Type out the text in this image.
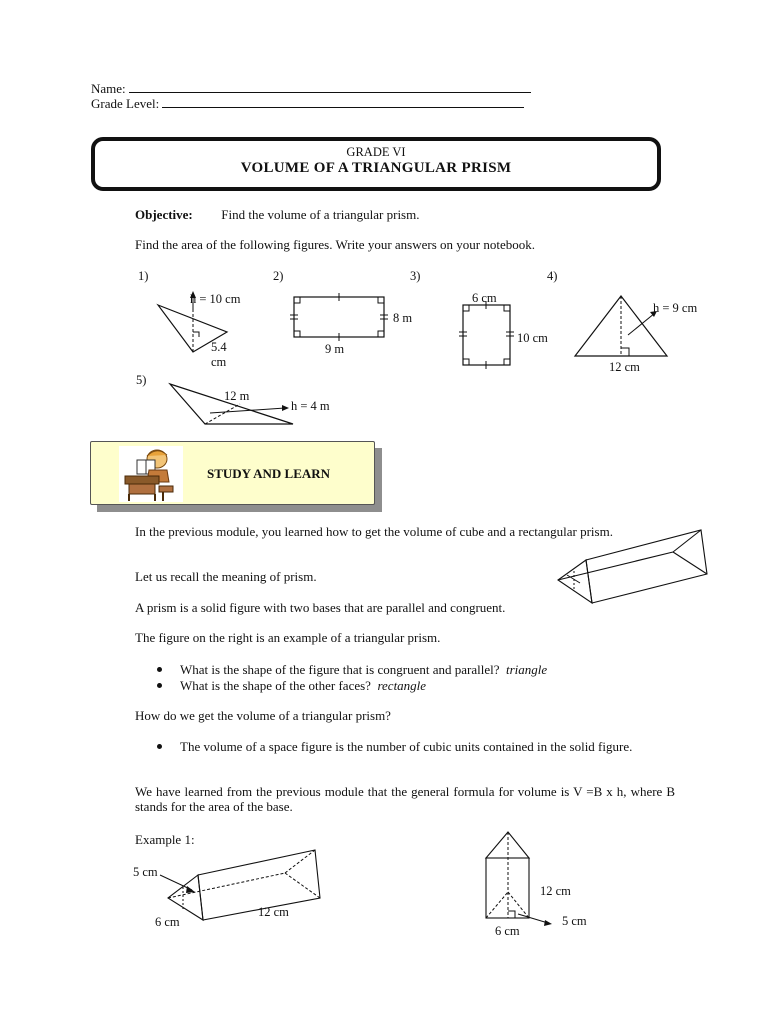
Name:
Grade Level:
GRADE VI
VOLUME OF A TRIANGULAR PRISM
Objective: Find the volume of a triangular prism.
Find the area of the following figures. Write your answers on your notebook.
1)	2)	3)	4)
5)
h = 10 cm
5.4
cm
8 m
9 m
6 cm
10 cm
h = 9 cm
12 cm
12 m
h = 4 m
STUDY AND LEARN
In the previous module, you learned how to get the volume of cube and a rectangular prism.
Let us recall the meaning of prism.
A prism is a solid figure with two bases that are parallel and congruent.
The figure on the right is an example of a triangular prism.
What is the shape of the figure that is congruent and parallel? triangle
What is the shape of the other faces? rectangle
How do we get the volume of a triangular prism?
The volume of a space figure is the number of cubic units contained in the solid figure.
We have learned from the previous module that the general formula for volume is V =B x h, where B stands for the area of the base.
Example 1:
5 cm
6 cm
12 cm
12 cm
5 cm
6 cm
